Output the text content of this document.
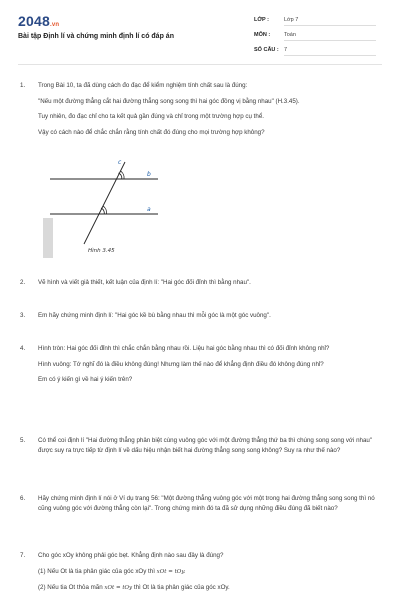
2048.vn
Bài tập Định lí và chứng minh định lí có đáp án
LỚP :	Lớp 7
MÔN :	Toán
SỐ CÂU : 7
1. Trong Bài 10, ta đã dùng cách đo đạc để kiểm nghiệm tính chất sau là đúng:

"Nếu một đường thẳng cắt hai đường thẳng song song thì hai góc đồng vị bằng nhau" (H.3.45).

Tuy nhiên, đo đạc chỉ cho ta kết quả gần đúng và chỉ trong một trường hợp cụ thể.

Vậy có cách nào để chắc chắn rằng tính chất đó đúng cho mọi trường hợp không?

b
a
c
Hình 3.45
2. Vẽ hình và viết giả thiết, kết luận của định lí: "Hai góc đối đỉnh thì bằng nhau".

3. Em hãy chứng minh định lí: "Hai góc kề bù bằng nhau thì mỗi góc là một góc vuông".

4. Hình tròn: Hai góc đối đỉnh thì chắc chắn bằng nhau rồi. Liệu hai góc bằng nhau thì có đối đỉnh không nhỉ?

Hình vuông: Tớ nghĩ đó là điều không đúng! Nhưng làm thế nào để khẳng định điều đó không đúng nhỉ?

Em có ý kiến gì về hai ý kiến trên?

5. Có thể coi định lí "Hai đường thẳng phân biệt cùng vuông góc với một đường thẳng thứ ba thì chúng song song với nhau" được suy ra trực tiếp từ định lí về dấu hiệu nhận biết hai đường thẳng song song không? Suy ra như thế nào?

6. Hãy chứng minh định lí nói ở Ví dụ trang 56: "Một đường thẳng vuông góc với một trong hai đường thẳng song song thì nó cũng vuông góc với đường thẳng còn lại". Trong chứng minh đó ta đã sử dụng những điều đúng đã biết nào?

7. Cho góc xOy không phải góc bẹt. Khẳng định nào sau đây là đúng?

(1) Nếu Ot là tia phân giác của góc xOy thì xOt = tOy.

(2) Nếu tia Ot thỏa mãn xOt = tOy thì Ot là tia phân giác của góc xOy.
